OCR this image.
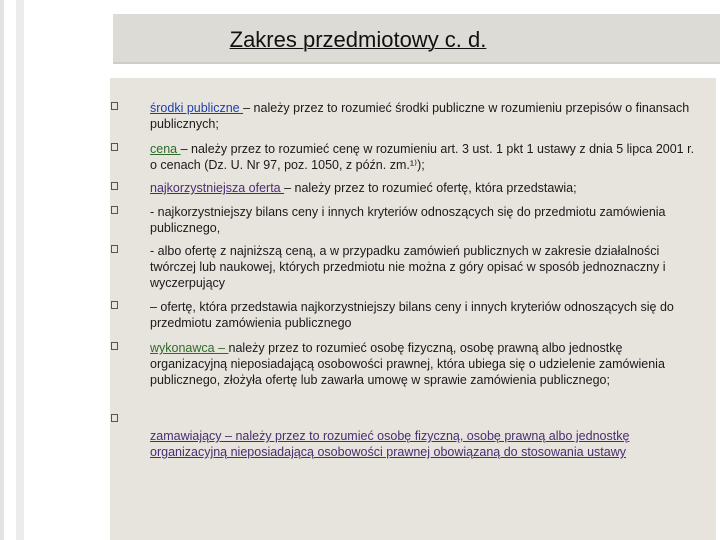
Zakres przedmiotowy c. d.
środki publiczne – należy przez to rozumieć środki publiczne w rozumieniu przepisów o finansach publicznych;
cena – należy przez to rozumieć cenę w rozumieniu art. 3 ust. 1 pkt 1 ustawy z dnia 5 lipca 2001 r. o cenach (Dz. U. Nr 97, poz. 1050, z późn. zm.¹⁾);
najkorzystniejsza oferta – należy przez to rozumieć ofertę, która przedstawia;
- najkorzystniejszy bilans ceny i innych kryteriów odnoszących się do przedmiotu zamówienia publicznego,
- albo ofertę z najniższą ceną, a w przypadku zamówień publicznych w zakresie działalności twórczej lub naukowej, których przedmiotu nie można z góry opisać w sposób jednoznaczny i wyczerpujący
– ofertę, która przedstawia najkorzystniejszy bilans ceny i innych kryteriów odnoszących się do przedmiotu zamówienia publicznego
wykonawca – należy przez to rozumieć osobę fizyczną, osobę prawną albo jednostkę organizacyjną nieposiadającą osobowości prawnej, która ubiega się o udzielenie zamówienia publicznego, złożyła ofertę lub zawarła umowę w sprawie zamówienia publicznego;
zamawiający – należy przez to rozumieć osobę fizyczną, osobę prawną albo jednostkę organizacyjną nieposiadającą osobowości prawnej obowiązaną do stosowania ustawy
